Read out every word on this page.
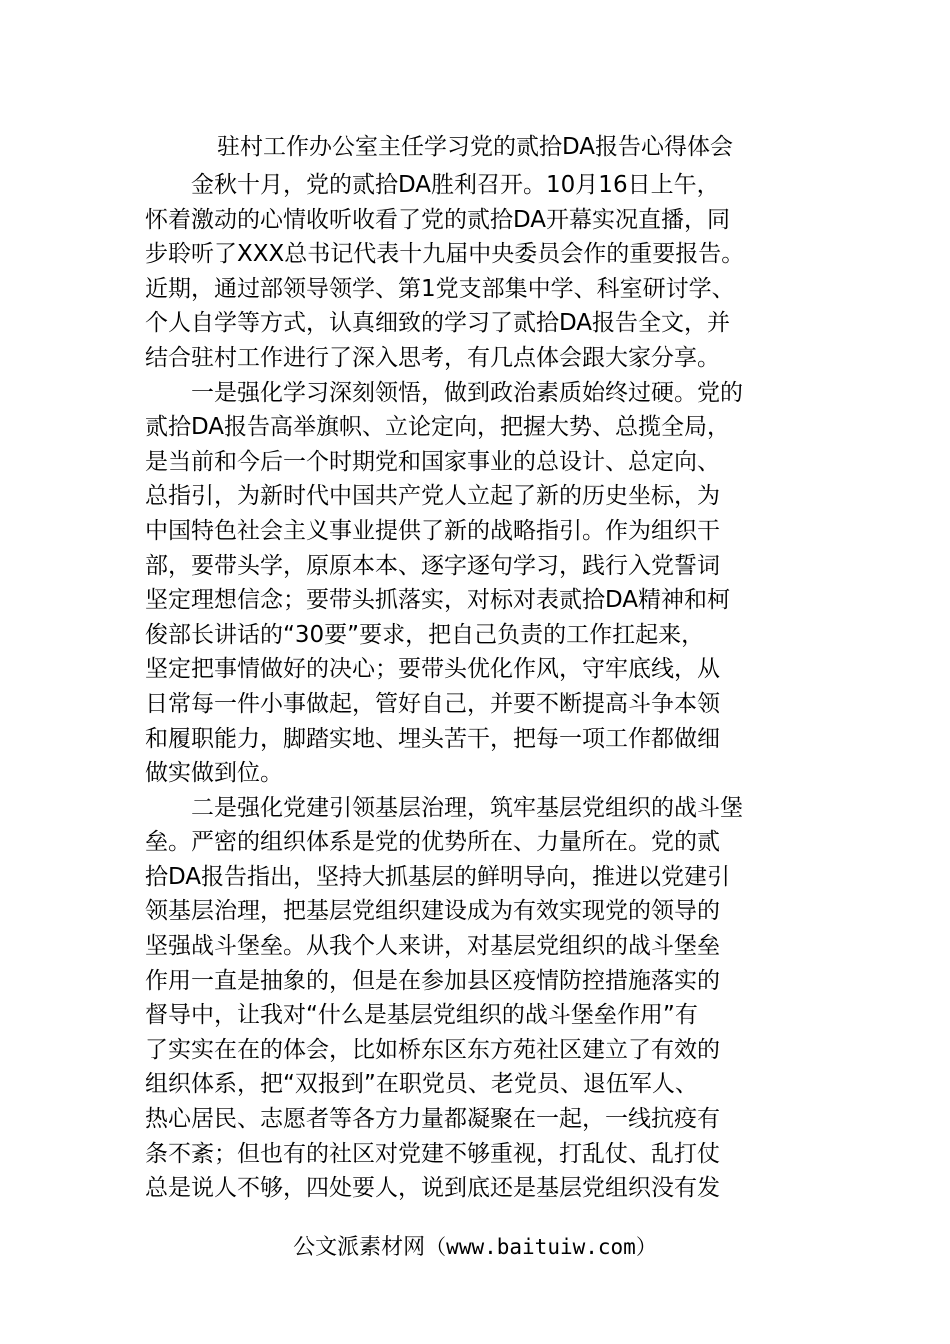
驻村工作办公室主任学习党的贰拾DA报告心得体会
金秋十月，党的贰拾DA胜利召开。10月16日上午，
怀着激动的心情收听收看了党的贰拾DA开幕实况直播，同
步聆听了XXX总书记代表十九届中央委员会作的重要报告。
近期，通过部领导领学、第1党支部集中学、科室研讨学、
个人自学等方式，认真细致的学习了贰拾DA报告全文，并
结合驻村工作进行了深入思考，有几点体会跟大家分享。
一是强化学习深刻领悟，做到政治素质始终过硬。党的
贰拾DA报告高举旗帜、立论定向，把握大势、总揽全局，
是当前和今后一个时期党和国家事业的总设计、总定向、
总指引，为新时代中国共产党人立起了新的历史坐标，为
中国特色社会主义事业提供了新的战略指引。作为组织干
部，要带头学，原原本本、逐字逐句学习，践行入党誓词
坚定理想信念；要带头抓落实，对标对表贰拾DA精神和柯
俊部长讲话的“30要”要求，把自己负责的工作扛起来，
坚定把事情做好的决心；要带头优化作风，守牢底线，从
日常每一件小事做起，管好自己，并要不断提高斗争本领
和履职能力，脚踏实地、埋头苦干，把每一项工作都做细
做实做到位。
二是强化党建引领基层治理，筑牢基层党组织的战斗堡
垒。严密的组织体系是党的优势所在、力量所在。党的贰
拾DA报告指出，坚持大抓基层的鲜明导向，推进以党建引
领基层治理，把基层党组织建设成为有效实现党的领导的
坚强战斗堡垒。从我个人来讲，对基层党组织的战斗堡垒
作用一直是抽象的，但是在参加县区疫情防控措施落实的
督导中，让我对“什么是基层党组织的战斗堡垒作用”有
了实实在在的体会，比如桥东区东方苑社区建立了有效的
组织体系，把“双报到”在职党员、老党员、退伍军人、
热心居民、志愿者等各方力量都凝聚在一起，一线抗疫有
条不紊；但也有的社区对党建不够重视，打乱仗、乱打仗
总是说人不够，四处要人，说到底还是基层党组织没有发
公文派素材网（www.baituiw.com）
